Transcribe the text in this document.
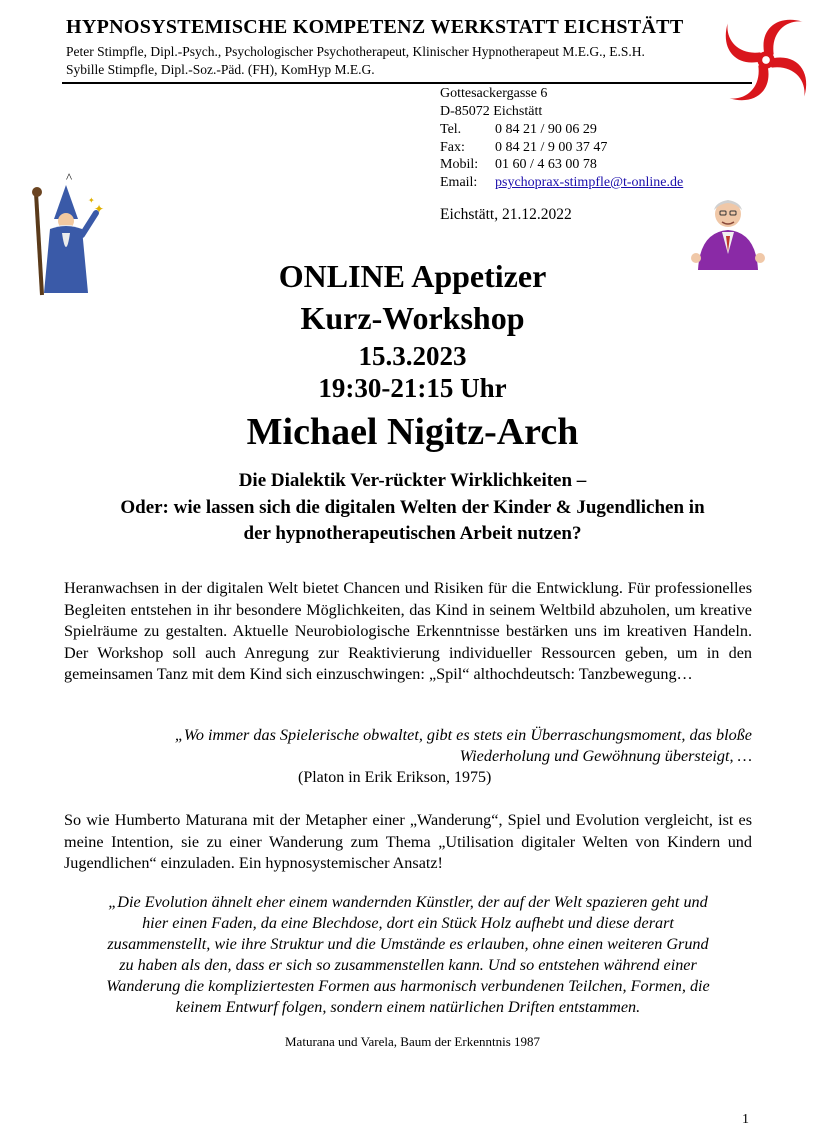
HYPNOSYSTEMISCHE KOMPETENZ WERKSTATT EICHSTÄTT
Peter Stimpfle, Dipl.-Psych., Psychologischer Psychotherapeut, Klinischer Hypnotherapeut M.E.G., E.S.H.
Sybille Stimpfle, Dipl.-Soz.-Päd. (FH), KomHyp M.E.G.
Gottesackergasse 6
D-85072 Eichstätt
Tel. 0 84 21 / 90 06 29
Fax: 0 84 21 / 9 00 37 47
Mobil: 01 60 / 4 63 00 78
Email: psychoprax-stimpfle@t-online.de
^
Eichstätt, 21.12.2022
✦
✦
ONLINE Appetizer
Kurz-Workshop
15.3.2023
19:30-21:15 Uhr
Michael Nigitz-Arch
Die Dialektik Ver-rückter Wirklichkeiten –
Oder: wie lassen sich die digitalen Welten der Kinder & Jugendlichen in
der hypnotherapeutischen Arbeit nutzen?
Heranwachsen in der digitalen Welt bietet Chancen und Risiken für die Entwicklung. Für professionelles Begleiten entstehen in ihr besondere Möglichkeiten, das Kind in seinem Weltbild abzuholen, um kreative Spielräume zu gestalten. Aktuelle Neurobiologische Erkenntnisse bestärken uns im kreativen Handeln. Der Workshop soll auch Anregung zur Reaktivierung individueller Ressourcen geben, um in den gemeinsamen Tanz mit dem Kind sich einzuschwingen: „Spil“ althochdeutsch: Tanzbewegung…
„Wo immer das Spielerische obwaltet, gibt es stets ein Überraschungsmoment, das bloße
Wiederholung und Gewöhnung übersteigt, …
(Platon in Erik Erikson, 1975)
So wie Humberto Maturana mit der Metapher einer „Wanderung“, Spiel und Evolution vergleicht, ist es meine Intention, sie zu einer Wanderung zum Thema „Utilisation digitaler Welten von Kindern und Jugendlichen“ einzuladen. Ein hypnosystemischer Ansatz!
„Die Evolution ähnelt eher einem wandernden Künstler, der auf der Welt spazieren geht und
hier einen Faden, da eine Blechdose, dort ein Stück Holz aufhebt und diese derart
zusammenstellt, wie ihre Struktur und die Umstände es erlauben, ohne einen weiteren Grund
zu haben als den, dass er sich so zusammenstellen kann. Und so entstehen während einer
Wanderung die kompliziertesten Formen aus harmonisch verbundenen Teilchen, Formen, die
keinem Entwurf folgen, sondern einem natürlichen Driften entstammen.
Maturana und Varela, Baum der Erkenntnis 1987
1
